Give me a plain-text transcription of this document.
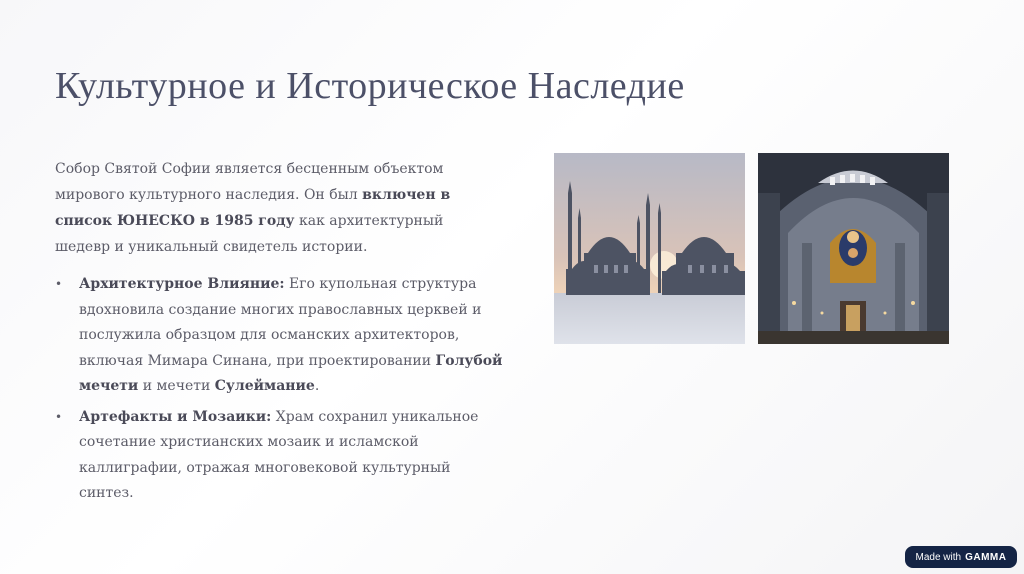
Культурное и Историческое Наследие

Собор Святой Софии является бесценным объектом мирового культурного наследия. Он был включен в список ЮНЕСКО в 1985 году как архитектурный шедевр и уникальный свидетель истории.

• Архитектурное Влияние: Его купольная структура вдохновила создание многих православных церквей и послужила образцом для османских архитекторов, включая Мимара Синана, при проектировании Голубой мечети и мечети Сулеймание.
• Артефакты и Мозаики: Храм сохранил уникальное сочетание христианских мозаик и исламской каллиграфии, отражая многовековой культурный синтез.
Made with GAMMA
